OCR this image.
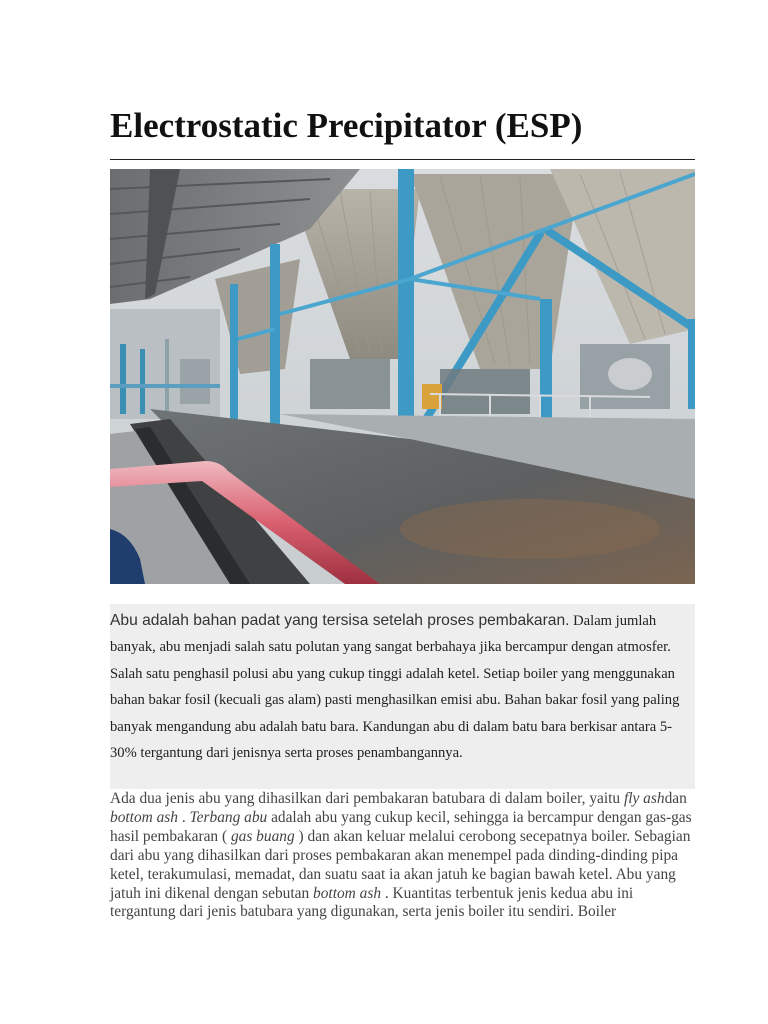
Electrostatic Precipitator (ESP)

Abu adalah bahan padat yang tersisa setelah proses pembakaran. Dalam jumlah banyak, abu menjadi salah satu polutan yang sangat berbahaya jika bercampur dengan atmosfer. Salah satu penghasil polusi abu yang cukup tinggi adalah ketel. Setiap boiler yang menggunakan bahan bakar fosil (kecuali gas alam) pasti menghasilkan emisi abu. Bahan bakar fosil yang paling banyak mengandung abu adalah batu bara. Kandungan abu di dalam batu bara berkisar antara 5-30% tergantung dari jenisnya serta proses penambangannya.

Ada dua jenis abu yang dihasilkan dari pembakaran batubara di dalam boiler, yaitu fly ashdan bottom ash . Terbang abu adalah abu yang cukup kecil, sehingga ia bercampur dengan gas-gas hasil pembakaran ( gas buang ) dan akan keluar melalui cerobong secepatnya boiler. Sebagian dari abu yang dihasilkan dari proses pembakaran akan menempel pada dinding-dinding pipa ketel, terakumulasi, memadat, dan suatu saat ia akan jatuh ke bagian bawah ketel. Abu yang jatuh ini dikenal dengan sebutan bottom ash . Kuantitas terbentuk jenis kedua abu ini tergantung dari jenis batubara yang digunakan, serta jenis boiler itu sendiri. Boiler
